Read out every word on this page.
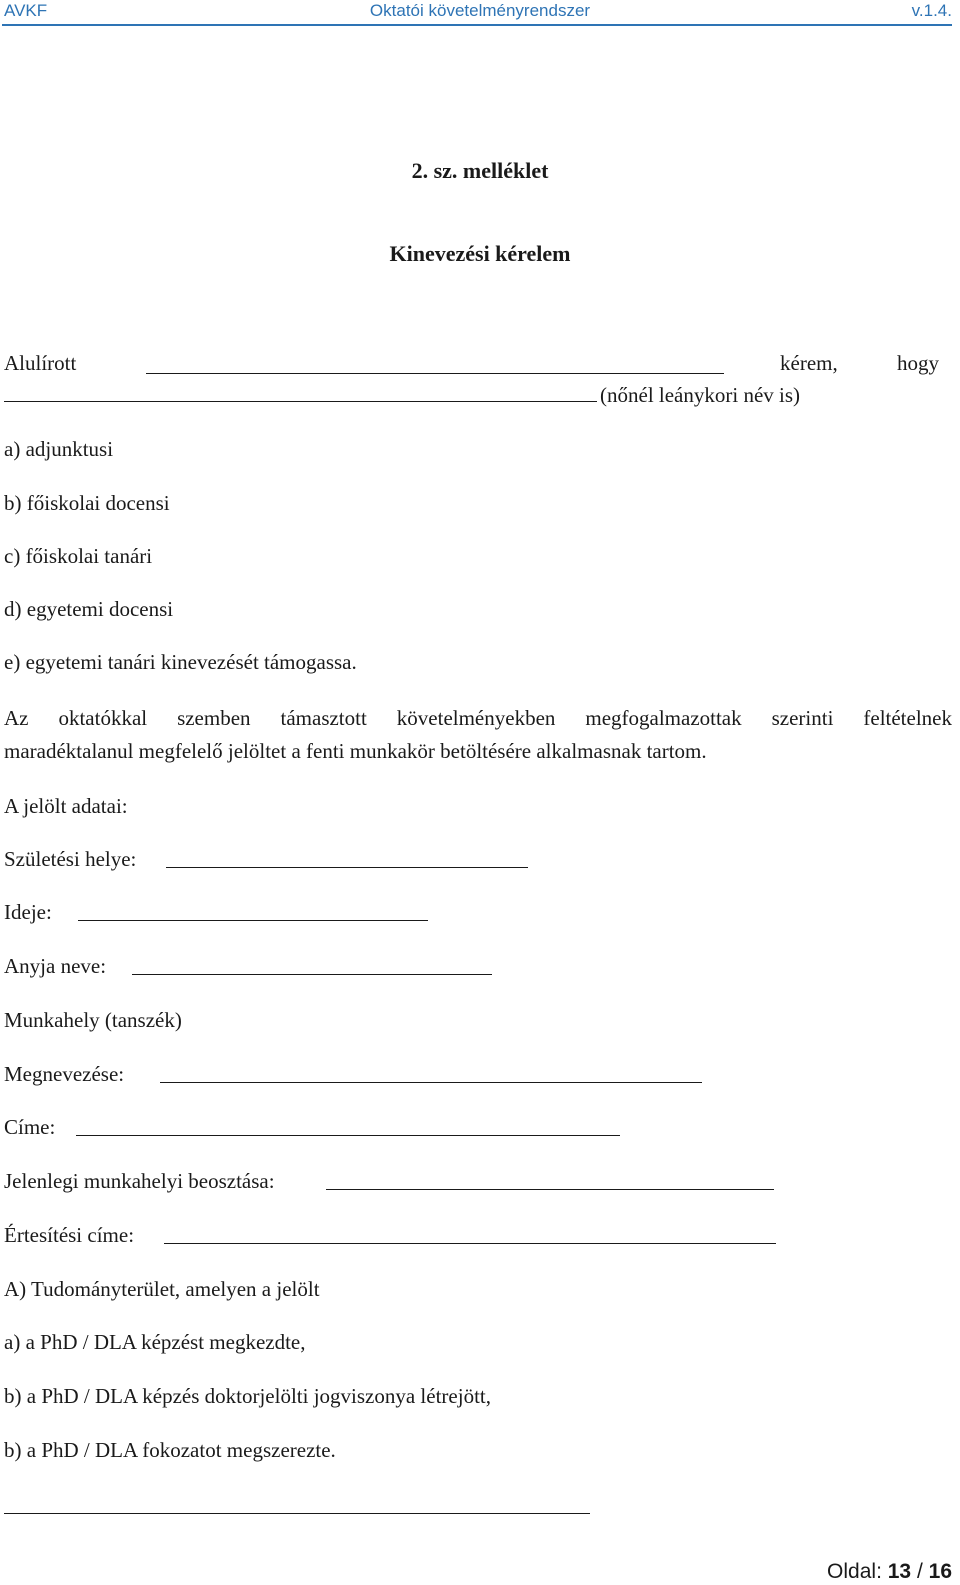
AVKF	Oktatói követelményrendszer	v.1.4.
2. sz. melléklet
Kinevezési kérelem
Alulírott	kérem,	hogy
(nőnél leánykori név is)
a) adjunktusi
b) főiskolai docensi
c) főiskolai tanári
d) egyetemi docensi
e) egyetemi tanári kinevezését támogassa.
Az oktatókkal szemben támasztott követelményekben megfogalmazottak szerinti feltételnek
maradéktalanul megfelelő jelöltet a fenti munkakör betöltésére alkalmasnak tartom.
A jelölt adatai:
Születési helye:
Ideje:
Anyja neve:
Munkahely (tanszék)
Megnevezése:
Címe:
Jelenlegi munkahelyi beosztása:
Értesítési címe:
A) Tudományterület, amelyen a jelölt
a) a PhD / DLA képzést megkezdte,
b) a PhD / DLA képzés doktorjelölti jogviszonya létrejött,
b) a PhD / DLA fokozatot megszerezte.
Oldal: 13 / 16
